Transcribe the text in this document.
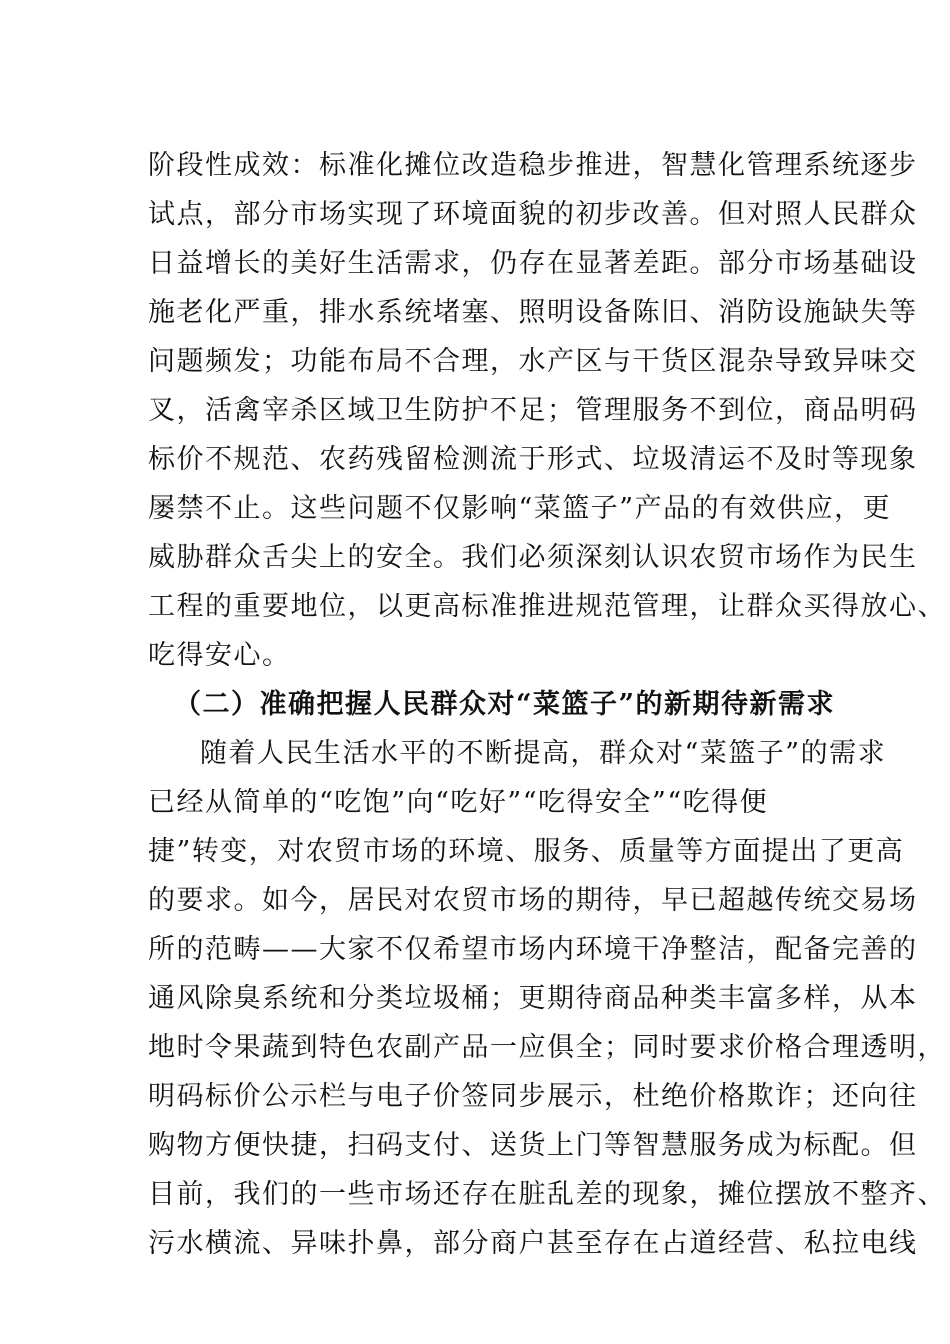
阶段性成效：标准化摊位改造稳步推进，智慧化管理系统逐步
试点，部分市场实现了环境面貌的初步改善。但对照人民群众
日益增长的美好生活需求，仍存在显著差距。部分市场基础设
施老化严重，排水系统堵塞、照明设备陈旧、消防设施缺失等
问题频发；功能布局不合理，水产区与干货区混杂导致异味交
叉，活禽宰杀区域卫生防护不足；管理服务不到位，商品明码
标价不规范、农药残留检测流于形式、垃圾清运不及时等现象
屡禁不止。这些问题不仅影响“菜篮子”产品的有效供应，更
威胁群众舌尖上的安全。我们必须深刻认识农贸市场作为民生
工程的重要地位，以更高标准推进规范管理，让群众买得放心、
吃得安心。
（二）准确把握人民群众对“菜篮子”的新期待新需求
随着人民生活水平的不断提高，群众对“菜篮子”的需求
已经从简单的“吃饱”向“吃好”“吃得安全”“吃得便
捷”转变，对农贸市场的环境、服务、质量等方面提出了更高
的要求。如今，居民对农贸市场的期待，早已超越传统交易场
所的范畴——大家不仅希望市场内环境干净整洁，配备完善的
通风除臭系统和分类垃圾桶；更期待商品种类丰富多样，从本
地时令果蔬到特色农副产品一应俱全；同时要求价格合理透明，
明码标价公示栏与电子价签同步展示，杜绝价格欺诈；还向往
购物方便快捷，扫码支付、送货上门等智慧服务成为标配。但
目前，我们的一些市场还存在脏乱差的现象，摊位摆放不整齐、
污水横流、异味扑鼻，部分商户甚至存在占道经营、私拉电线
